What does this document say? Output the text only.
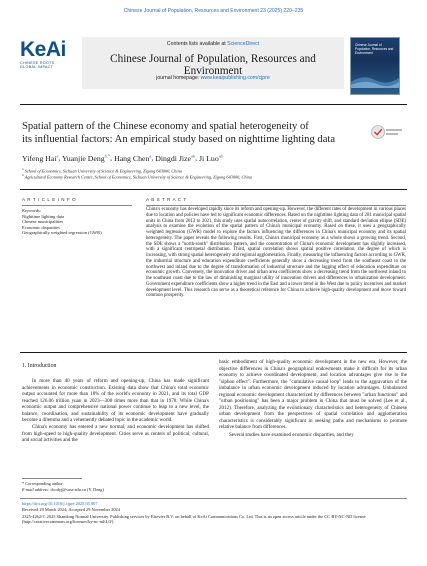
Chinese Journal of Population, Resources and Environment 23 (2025) 220–235
KeAi
CHINESE ROOTS
GLOBAL IMPACT
Contents lists available at ScienceDirect
Chinese Journal of Population, Resources and Environment
journal homepage: www.keaipublishing.com/cjpre
Chinese Journal of Population, Resources and Environment
Spatial pattern of the Chinese economy and spatial heterogeneity of
its influential factors: An empirical study based on nighttime lighting data
Yifeng Hai$^a$, Yuanjie Deng$^{b,*}$, Hang Chen$^a$, Dingdi Jize$^{ab}$, Ji Luo$^{ab}$
$^a$ School of Economics, Sichuan University of Science & Engineering, Zigong 643000, China
$^b$ Agricultural Economy Research Centre, School of Economics, Sichuan University of Science & Engineering, Zigong 643000, China
A R T I C L E I N F O
Keywords:
Nighttime lighting data
Chinese municipalities
Economic disparities
Geographically weighted regression (GWR)
A B S T R A C T
China's economy has developed rapidly since its reform and opening-up. However, the different rates of development in various places due to location and policies have led to significant economic differences. Based on the nighttime lighting data of 281 municipal spatial units in China from 2013 to 2021, this study uses spatial autocorrelation, center of gravity shift, and standard deviation ellipse (SDE) analysis to examine the evolution of the spatial pattern of China's municipal economy. Based on these, it uses a geographically weighted regression (GWR) model to explore the factors influencing the differences in China's municipal economy and its spatial heterogeneity. The paper reveals the following results. First, China's municipal economy as a whole shows a growing trend. Second, the SDE shows a "north-south" distribution pattern, and the concentration of China's economic development has slightly increased, with a significant centripetal distribution. Third, spatial correlation shows spatial positive correlation, the degree of which is increasing, with strong spatial heterogeneity and regional agglomeration. Finally, measuring the influencing factors according to GWR, the industrial structure and education expenditure coefficients generally show a decreasing trend from the southeast coast to the northwest and inland due to the degree of transformation of industrial structure and the lagging effect of education expenditure on economic growth. Conversely, the innovation driver and urban area coefficients show a decreasing trend from the northwest inland to the southeast coast due to the law of diminishing marginal utility of innovation drivers and differences in urbanization development. Government expenditure coefficients show a higher trend in the East and a lower trend in the West due to policy incentives and market development level. This research can serve as a theoretical reference for China to achieve high-quality development and move toward common prosperity.
1. Introduction

In more than 40 years of reform and opening-up, China has made significant achievements in economic construction. Existing data show that China's total economic output accounted for more than 18% of the world's economy in 2021, and its total GDP reached 126.06 trillion yuan in 2023—300 times more than that in 1978. While China's economic output and comprehensive national power continue to leap to a new level, the balance, coordination, and sustainability of its economic development have gradually become a dilemma and a vehemently debated topic in the academic world.

China's economy has entered a new normal, and economic development has shifted from high-speed to high-quality development. Cities serve as centers of political, cultural, and social activities and the

basic embodiment of high-quality economic development in the new era. However, the objective differences in China's geographical endowments make it difficult for its urban economy to achieve coordinated development, and location advantages give rise to the "siphon effect". Furthermore, the "cumulative causal loop" leads to the aggravation of the imbalance in urban economic development induced by location advantages. Unbalanced regional economic development characterized by differences between "urban functions" and "urban positioning" has been a major problem in China that must be solved (Lee et al., 2012). Therefore, analyzing the evolutionary characteristics and heterogeneity of Chinese urban development from the perspectives of spatial correlation and agglomeration characteristics is considerably significant in seeking paths and mechanisms to promote relative balance from differences.

Several studies have examined economic disparities, and they

* Corresponding author.
E-mail address: dcodyj@suse.edu.cn (Y. Deng)
https://doi.org/10.1016/j.cjpre.2025.05.007
Received 29 March 2024; Accepted 29 November 2024
2325-4262/© 2025 Shandong Normal University. Publishing services by Elsevier B.V. on behalf of KeAi Communications Co. Ltd. This is an open access article under the CC BY-NC-ND license (http://creativecommons.org/licenses/by-nc-nd/4.0/).
